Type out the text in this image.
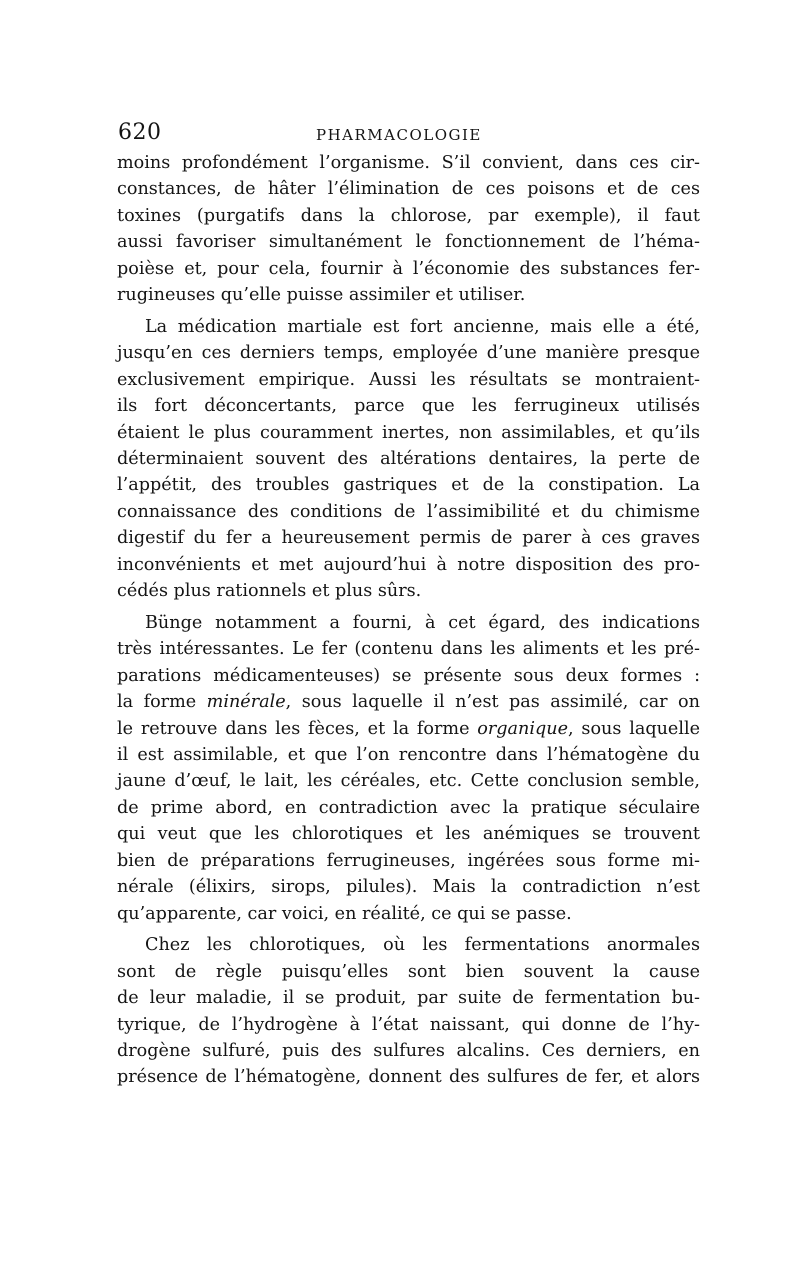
620	PHARMACOLOGIE
moins profondément l’organisme. S’il convient, dans ces cir-
constances, de hâter l’élimination de ces poisons et de ces
toxines (purgatifs dans la chlorose, par exemple), il faut
aussi favoriser simultanément le fonctionnement de l’héma-
poièse et, pour cela, fournir à l’économie des substances fer-
rugineuses qu’elle puisse assimiler et utiliser.
La médication martiale est fort ancienne, mais elle a été,
jusqu’en ces derniers temps, employée d’une manière presque
exclusivement empirique. Aussi les résultats se montraient-
ils fort déconcertants, parce que les ferrugineux utilisés
étaient le plus couramment inertes, non assimilables, et qu’ils
déterminaient souvent des altérations dentaires, la perte de
l’appétit, des troubles gastriques et de la constipation. La
connaissance des conditions de l’assimibilité et du chimisme
digestif du fer a heureusement permis de parer à ces graves
inconvénients et met aujourd’hui à notre disposition des pro-
cédés plus rationnels et plus sûrs.
Bünge notamment a fourni, à cet égard, des indications
très intéressantes. Le fer (contenu dans les aliments et les pré-
parations médicamenteuses) se présente sous deux formes :
la forme minérale, sous laquelle il n’est pas assimilé, car on
le retrouve dans les fèces, et la forme organique, sous laquelle
il est assimilable, et que l’on rencontre dans l’hématogène du
jaune d’œuf, le lait, les céréales, etc. Cette conclusion semble,
de prime abord, en contradiction avec la pratique séculaire
qui veut que les chlorotiques et les anémiques se trouvent
bien de préparations ferrugineuses, ingérées sous forme mi-
nérale (élixirs, sirops, pilules). Mais la contradiction n’est
qu’apparente, car voici, en réalité, ce qui se passe.
Chez les chlorotiques, où les fermentations anormales
sont de règle puisqu’elles sont bien souvent la cause
de leur maladie, il se produit, par suite de fermentation bu-
tyrique, de l’hydrogène à l’état naissant, qui donne de l’hy-
drogène sulfuré, puis des sulfures alcalins. Ces derniers, en
présence de l’hématogène, donnent des sulfures de fer, et alors
